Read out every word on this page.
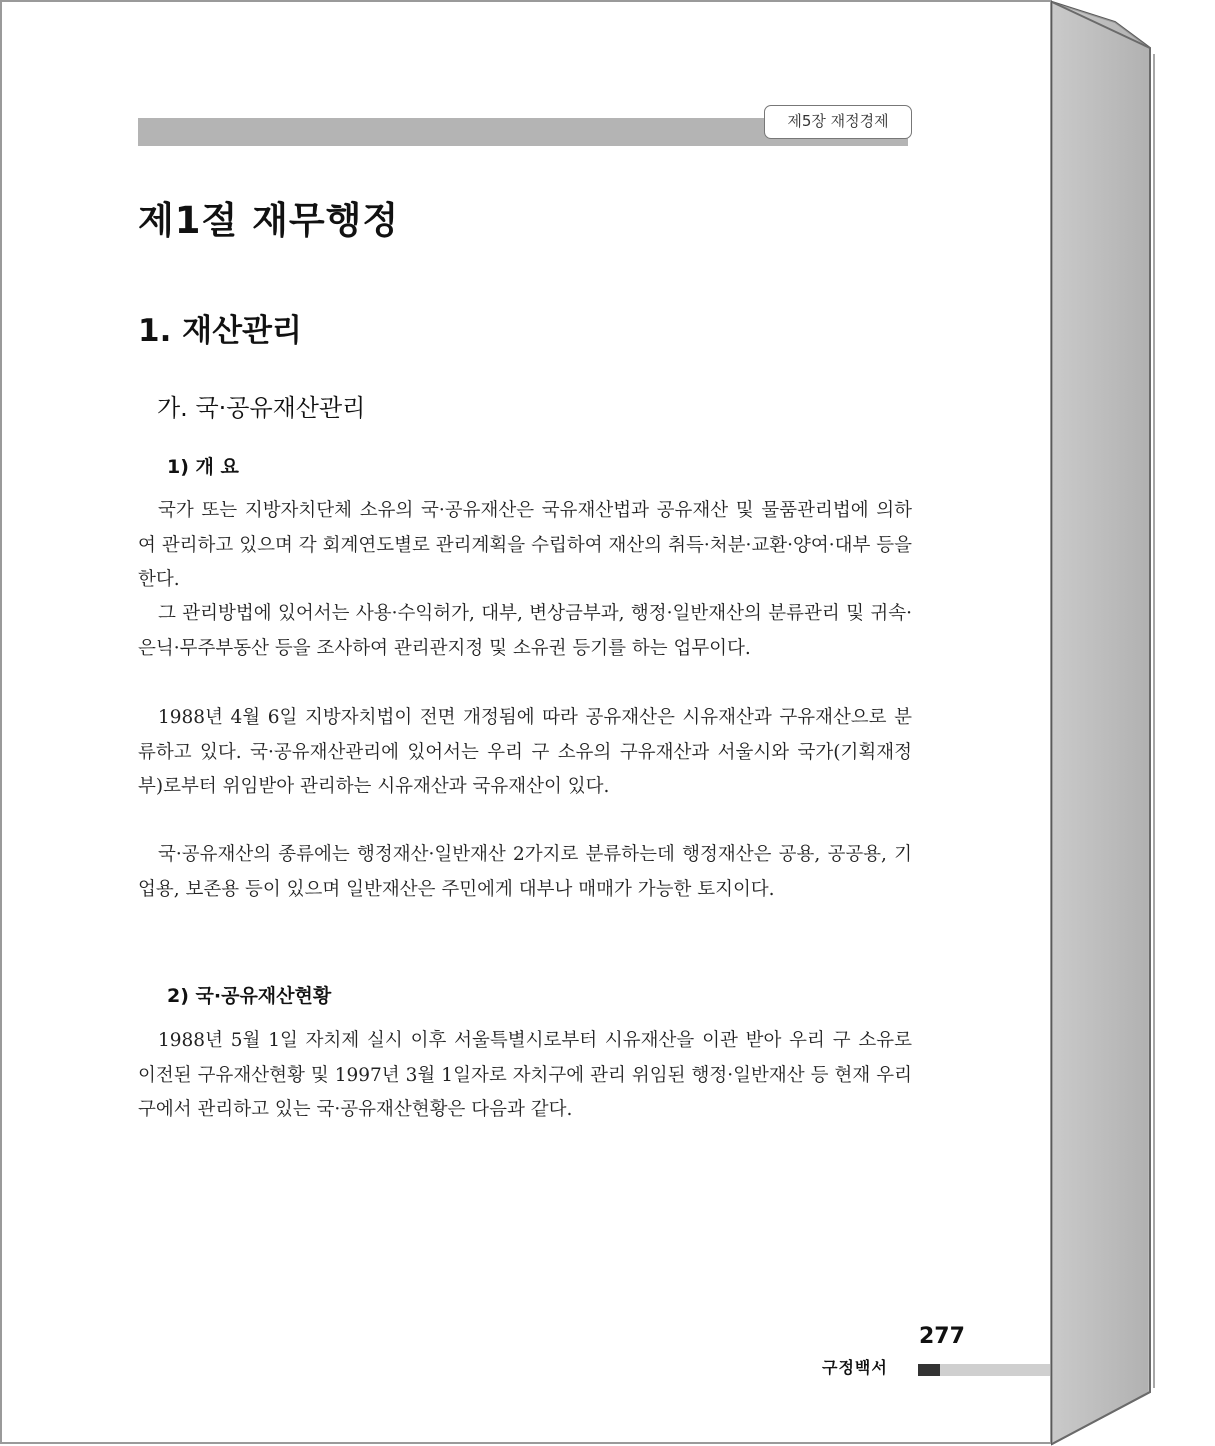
제5장 재정경제
제1절 재무행정
1. 재산관리
가. 국·공유재산관리
1) 개 요

국가 또는 지방자치단체 소유의 국·공유재산은 국유재산법과 공유재산 및 물품관리법에 의하여 관리하고 있으며 각 회계연도별로 관리계획을 수립하여 재산의 취득·처분·교환·양여·대부 등을 한다.

그 관리방법에 있어서는 사용·수익허가, 대부, 변상금부과, 행정·일반재산의 분류관리 및 귀속·은닉·무주부동산 등을 조사하여 관리관지정 및 소유권 등기를 하는 업무이다.

1988년 4월 6일 지방자치법이 전면 개정됨에 따라 공유재산은 시유재산과 구유재산으로 분류하고 있다. 국·공유재산관리에 있어서는 우리 구 소유의 구유재산과 서울시와 국가(기획재정부)로부터 위임받아 관리하는 시유재산과 국유재산이 있다.

국·공유재산의 종류에는 행정재산·일반재산 2가지로 분류하는데 행정재산은 공용, 공공용, 기업용, 보존용 등이 있으며 일반재산은 주민에게 대부나 매매가 가능한 토지이다.

2) 국·공유재산현황

1988년 5월 1일 자치제 실시 이후 서울특별시로부터 시유재산을 이관 받아 우리 구 소유로 이전된 구유재산현황 및 1997년 3월 1일자로 자치구에 관리 위임된 행정·일반재산 등 현재 우리 구에서 관리하고 있는 국·공유재산현황은 다음과 같다.

277
구정백서
